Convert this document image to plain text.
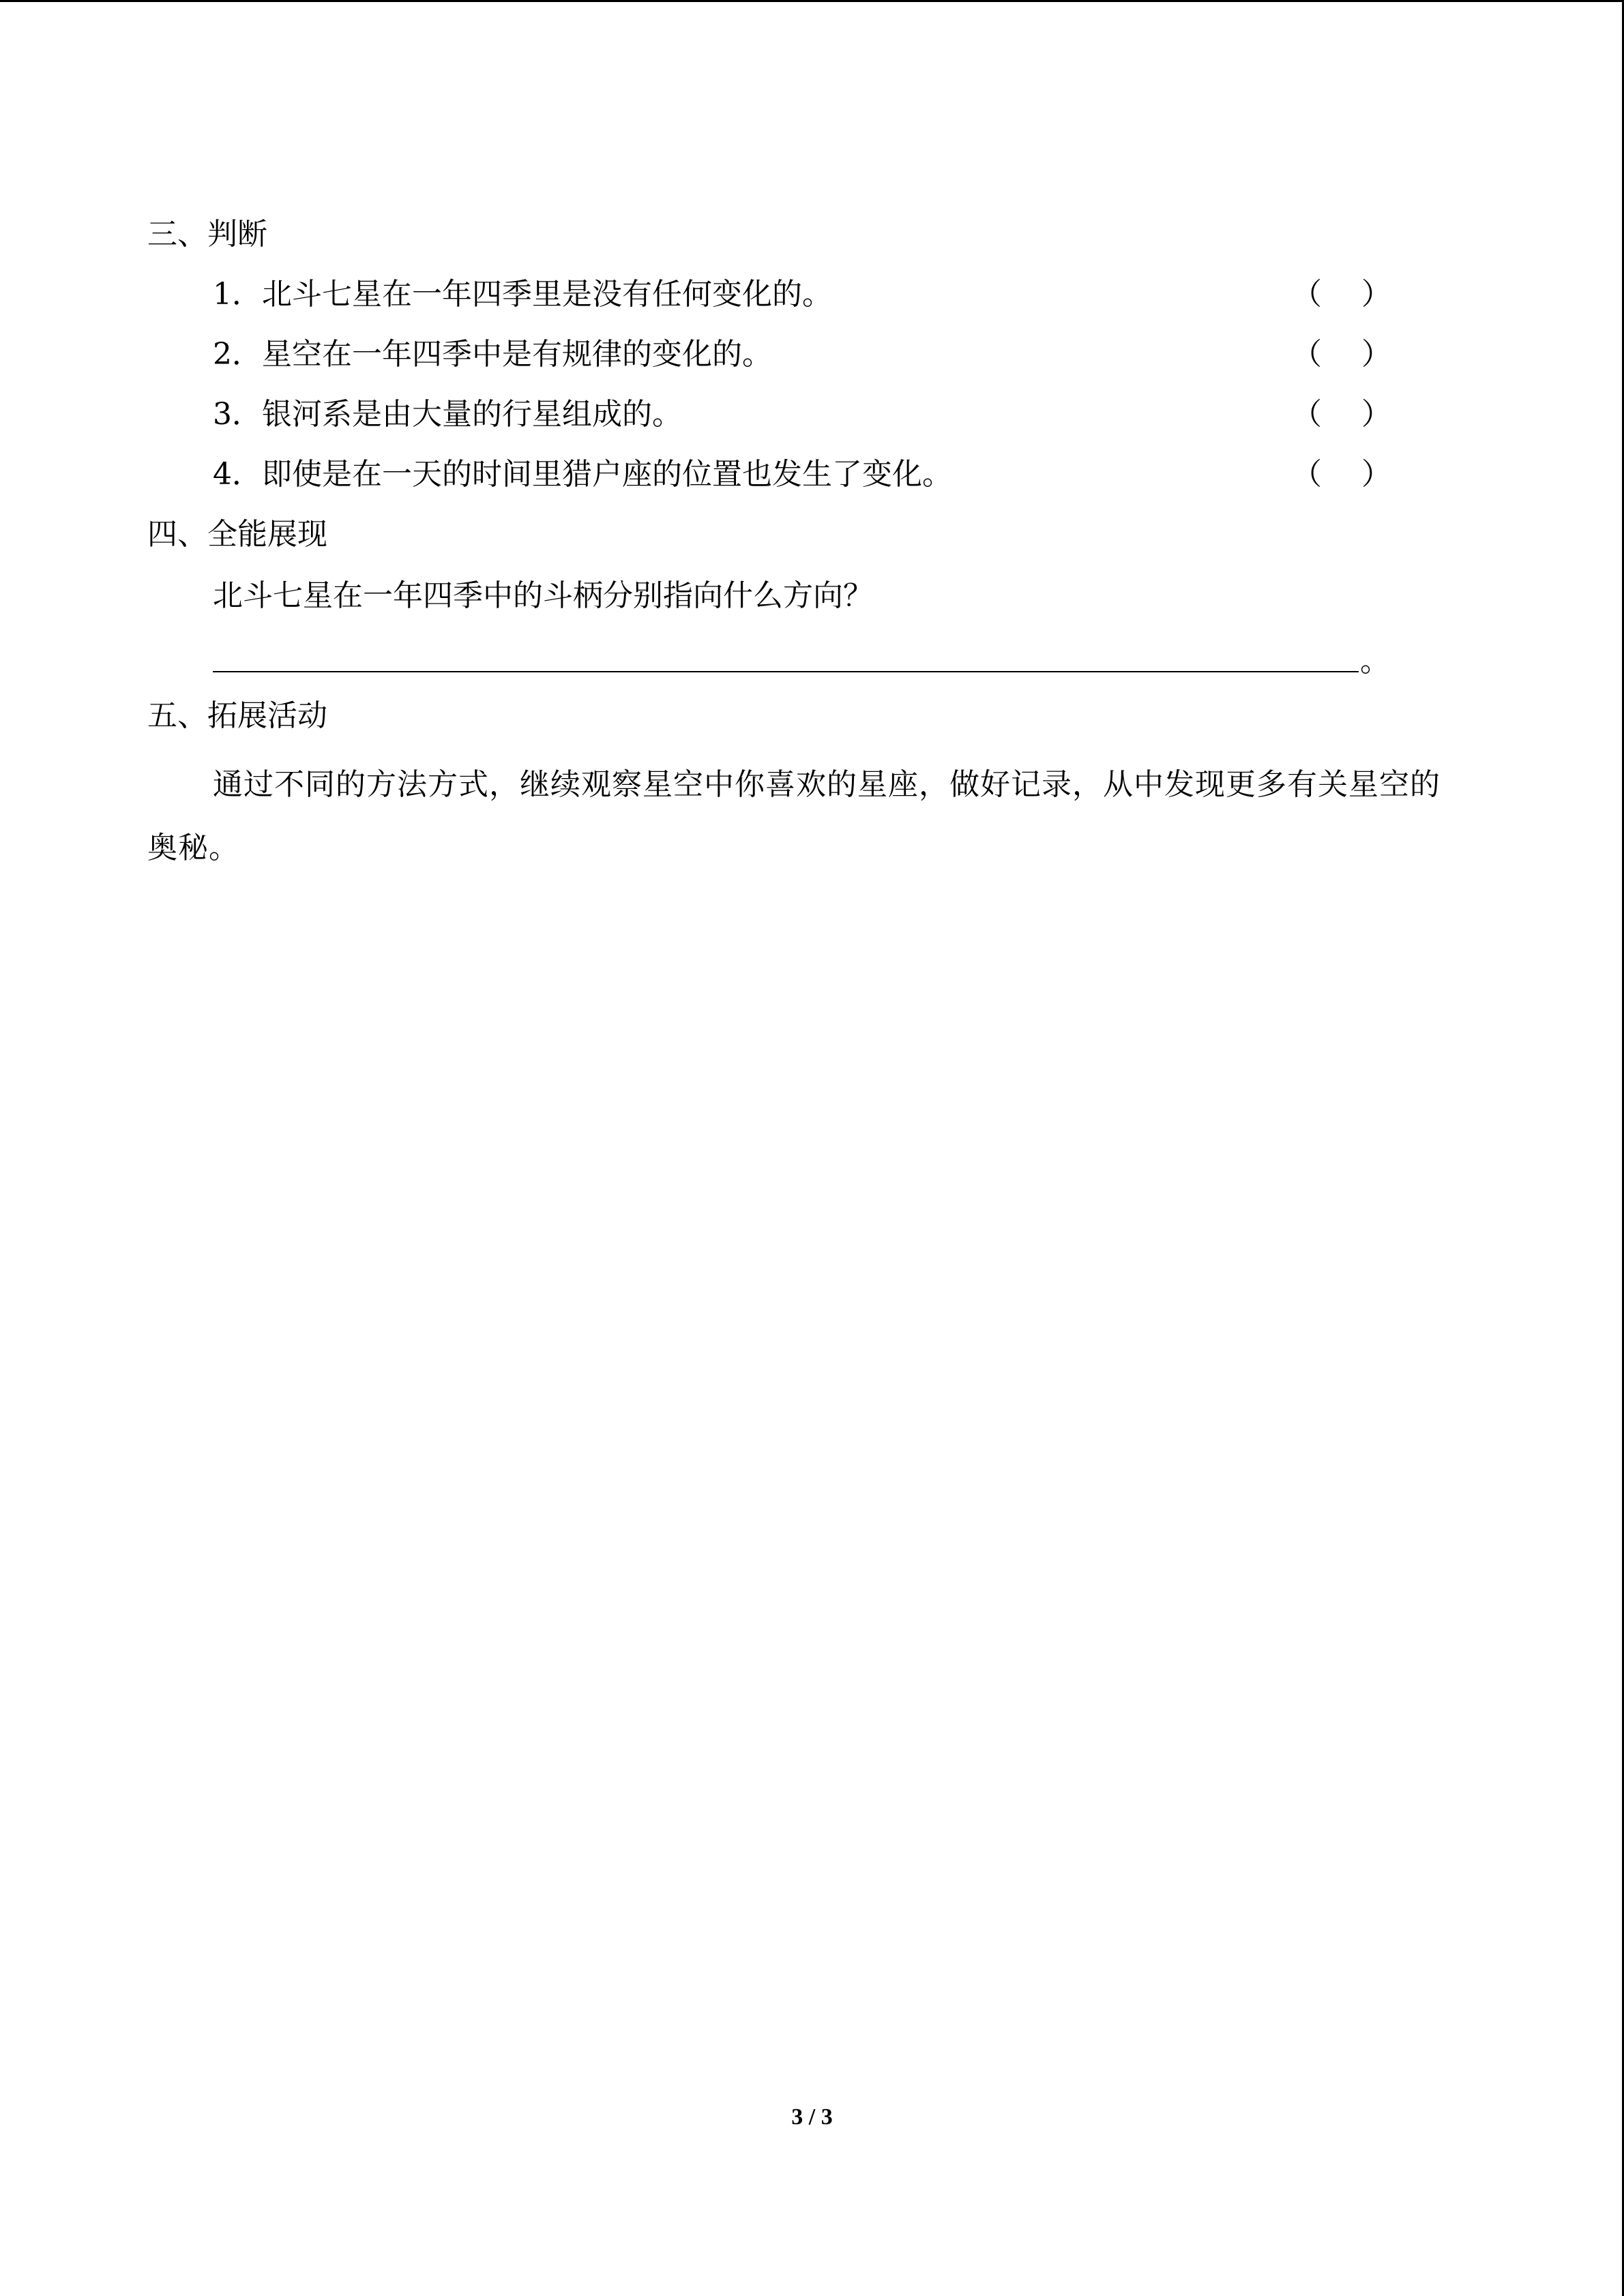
三、判断
1．北斗七星在一年四季里是没有任何变化的。	（ ）
2．星空在一年四季中是有规律的变化的。	（ ）
3．银河系是由大量的行星组成的。	（ ）
4．即使是在一天的时间里猎户座的位置也发生了变化。	（ ）
四、全能展现
北斗七星在一年四季中的斗柄分别指向什么方向？
。
五、拓展活动
通过不同的方法方式，继续观察星空中你喜欢的星座，做好记录，从中发现更多有关星空的奥秘。
3 / 3
